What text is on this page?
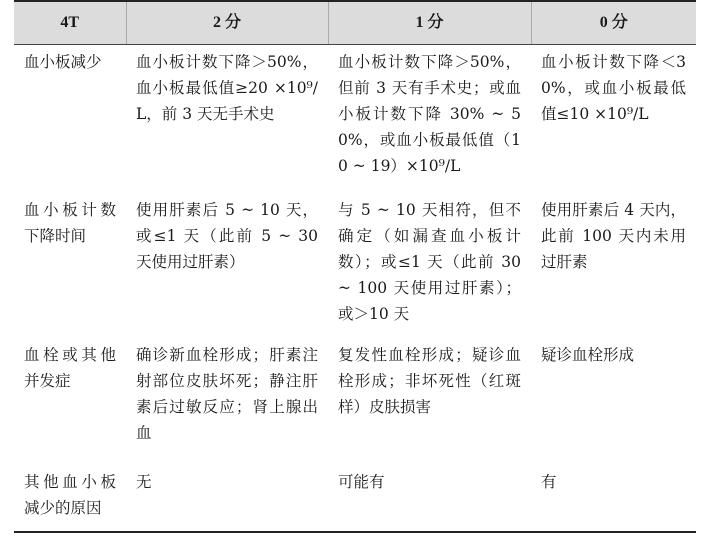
4T	2 分	1 分	0 分
血小板减少	血小板计数下降＞50%，血小板最低值≥20 ×10⁹/L，前 3 天无手术史	血小板计数下降＞50%，但前 3 天有手术史；或血小板计数下降 30% ~ 50%，或血小板最低值（10 ~ 19）×10⁹/L	血小板计数下降＜30%，或血小板最低值≤10 ×10⁹/L
血小板计数下降时间	使用肝素后 5 ~ 10 天，或≤1 天（此前 5 ~ 30 天使用过肝素）	与 5 ~ 10 天相符，但不确定（如漏查血小板计数）；或≤1 天（此前 30 ~ 100 天使用过肝素）；或＞10 天	使用肝素后 4 天内，此前 100 天内未用过肝素
血栓或其他并发症	确诊新血栓形成；肝素注射部位皮肤坏死；静注肝素后过敏反应；肾上腺出血	复发性血栓形成；疑诊血栓形成；非坏死性（红斑样）皮肤损害	疑诊血栓形成
其他血小板减少的原因	无	可能有	有
